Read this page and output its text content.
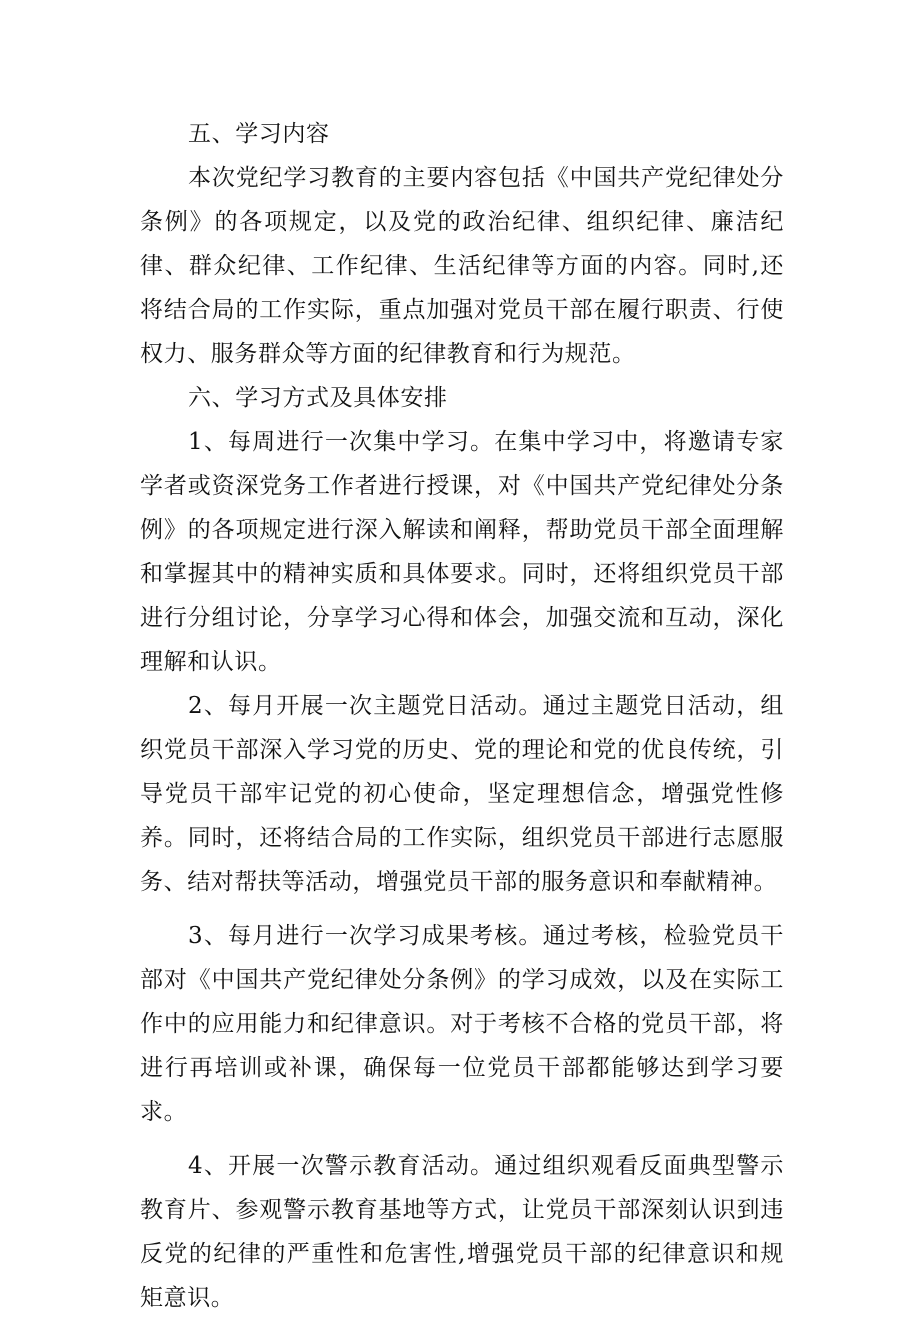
五、学习内容

本次党纪学习教育的主要内容包括《中国共产党纪律处分条例》的各项规定，以及党的政治纪律、组织纪律、廉洁纪律、群众纪律、工作纪律、生活纪律等方面的内容。同时,还将结合局的工作实际，重点加强对党员干部在履行职责、行使权力、服务群众等方面的纪律教育和行为规范。

六、学习方式及具体安排

1、每周进行一次集中学习。在集中学习中，将邀请专家学者或资深党务工作者进行授课，对《中国共产党纪律处分条例》的各项规定进行深入解读和阐释，帮助党员干部全面理解和掌握其中的精神实质和具体要求。同时，还将组织党员干部进行分组讨论，分享学习心得和体会，加强交流和互动，深化理解和认识。

2、每月开展一次主题党日活动。通过主题党日活动，组织党员干部深入学习党的历史、党的理论和党的优良传统，引导党员干部牢记党的初心使命，坚定理想信念，增强党性修养。同时，还将结合局的工作实际，组织党员干部进行志愿服务、结对帮扶等活动，增强党员干部的服务意识和奉献精神。

3、每月进行一次学习成果考核。通过考核，检验党员干部对《中国共产党纪律处分条例》的学习成效，以及在实际工作中的应用能力和纪律意识。对于考核不合格的党员干部，将进行再培训或补课，确保每一位党员干部都能够达到学习要求。

4、开展一次警示教育活动。通过组织观看反面典型警示教育片、参观警示教育基地等方式，让党员干部深刻认识到违反党的纪律的严重性和危害性,增强党员干部的纪律意识和规矩意识。
